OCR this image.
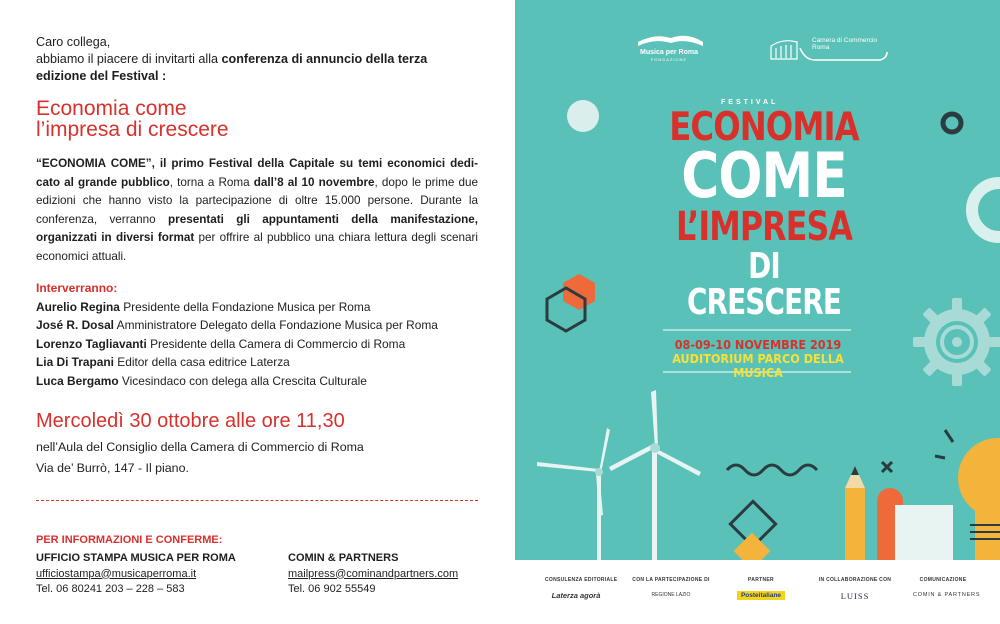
Caro collega,
abbiamo il piacere di invitarti alla conferenza di annuncio della terza
edizione del Festival :
Economia come
l’impresa di crescere

“ECONOMIA COME”, il primo Festival della Capitale su temi economici dedi-cato al grande pubblico, torna a Roma dall’8 al 10 novembre, dopo le prime due edizioni che hanno visto la partecipazione di oltre 15.000 persone. Durante la conferenza, verranno presentati gli appuntamenti della manifestazione, organizzati in diversi format per offrire al pubblico una chiara lettura degli scenari economici attuali.

Interverranno:
Aurelio Regina Presidente della Fondazione Musica per Roma
José R. Dosal Amministratore Delegato della Fondazione Musica per Roma
Lorenzo Tagliavanti Presidente della Camera di Commercio di Roma
Lia Di Trapani Editor della casa editrice Laterza
Luca Bergamo Vicesindaco con delega alla Crescita Culturale
Mercoledì 30 ottobre alle ore 11,30
nell’Aula del Consiglio della Camera di Commercio di Roma
Via de’ Burrò, 147 - Il piano.
PER INFORMAZIONI E CONFERME:
UFFICIO STAMPA MUSICA PER ROMA
ufficiostampa@musicaperroma.it
Tel. 06 80241 203 – 228 – 583
COMIN & PARTNERS
mailpress@cominandpartners.com
Tel. 06 902 55549
Musica per Roma
FONDAZIONE
Camera di Commercio Roma
FESTIVAL
ECONOMIA
COME
L’IMPRESA
DI CRESCERE
08-09-10 NOVEMBRE 2019
AUDITORIUM PARCO DELLA MUSICA
CONSULENZA EDITORIALE
Laterza agorà
CON LA PARTECIPAZIONE DI
REGIONE LAZIO
PARTNER
Posteitaliane
IN COLLABORAZIONE CON
LUISS
COMUNICAZIONE
COMIN & PARTNERS
